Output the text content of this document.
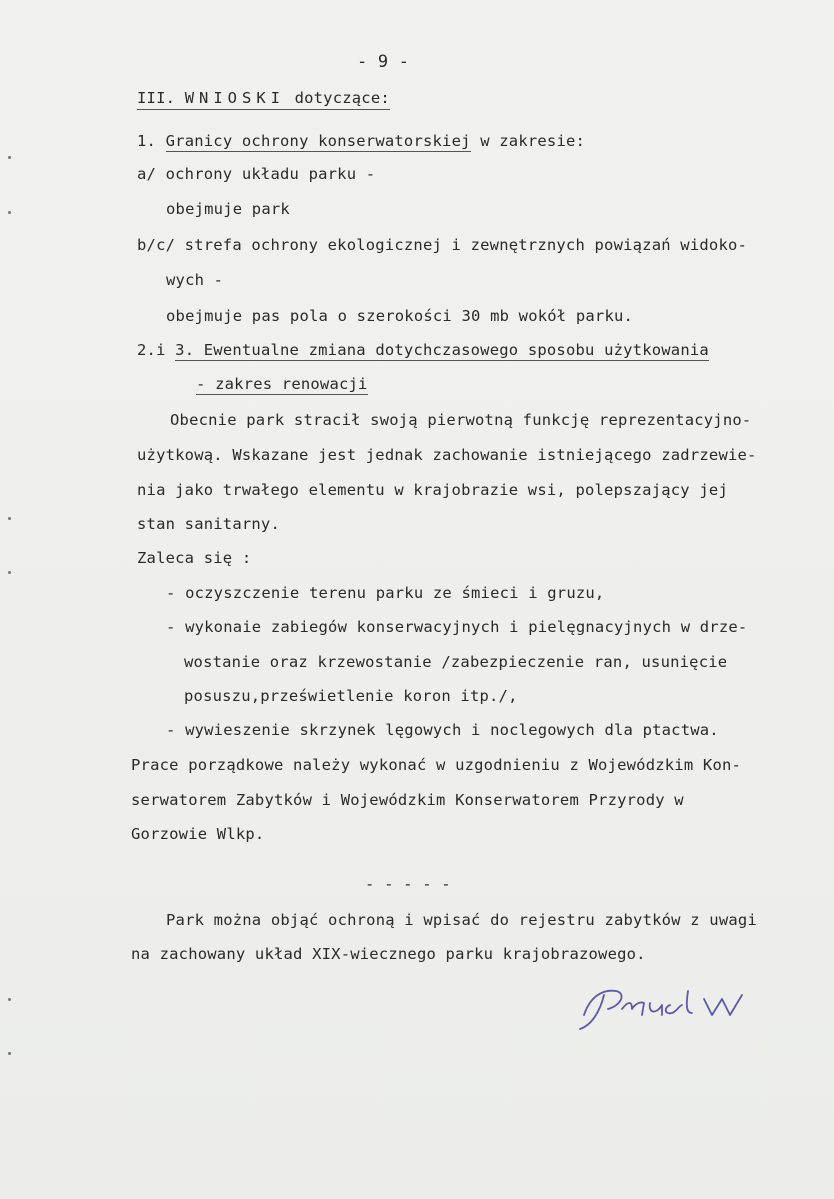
- 9 -
III. WNIOSKI dotyczące:
1. Granicy ochrony konserwatorskiej w zakresie:
a/ ochrony układu parku -
obejmuje park
b/c/ strefa ochrony ekologicznej i zewnętrznych powiązań widoko-
wych -
obejmuje pas pola o szerokości 30 mb wokół parku.
2.i 3. Ewentualne zmiana dotychczasowego sposobu użytkowania
- zakres renowacji
Obecnie park stracił swoją pierwotną funkcję reprezentacyjno-
użytkową. Wskazane jest jednak zachowanie istniejącego zadrzewie-
nia jako trwałego elementu w krajobrazie wsi, polepszający jej
stan sanitarny.
Zaleca się :
- oczyszczenie terenu parku ze śmieci i gruzu,
- wykonaie zabiegów konserwacyjnych i pielęgnacyjnych w drze-
wostanie oraz krzewostanie /zabezpieczenie ran, usunięcie
posuszu,prześwietlenie koron itp./,
- wywieszenie skrzynek lęgowych i noclegowych dla ptactwa.
Prace porządkowe należy wykonać w uzgodnieniu z Wojewódzkim Kon-
serwatorem Zabytków i Wojewódzkim Konserwatorem Przyrody w
Gorzowie Wlkp.
- - - - -
Park można objąć ochroną i wpisać do rejestru zabytków z uwagi
na zachowany układ XIX-wiecznego parku krajobrazowego.
